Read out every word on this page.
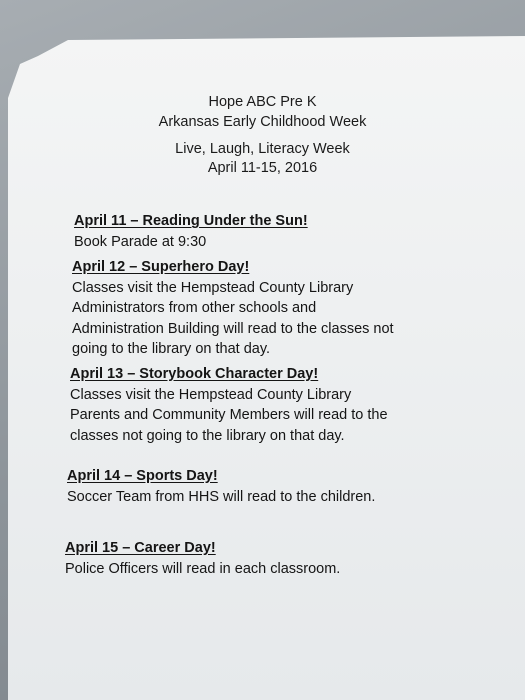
Hope ABC Pre K
Arkansas Early Childhood Week
Live, Laugh, Literacy Week
April 11-15, 2016
April 11 – Reading Under the Sun!
Book Parade at 9:30
April 12 – Superhero Day!
Classes visit the Hempstead County Library
Administrators from other schools and
Administration Building will read to the classes not
going to the library on that day.
April 13 – Storybook Character Day!
Classes visit the Hempstead County Library
Parents and Community Members will read to the
classes not going to the library on that day.
April 14 – Sports Day!
Soccer Team from HHS will read to the children.
April 15 – Career Day!
Police Officers will read in each classroom.
